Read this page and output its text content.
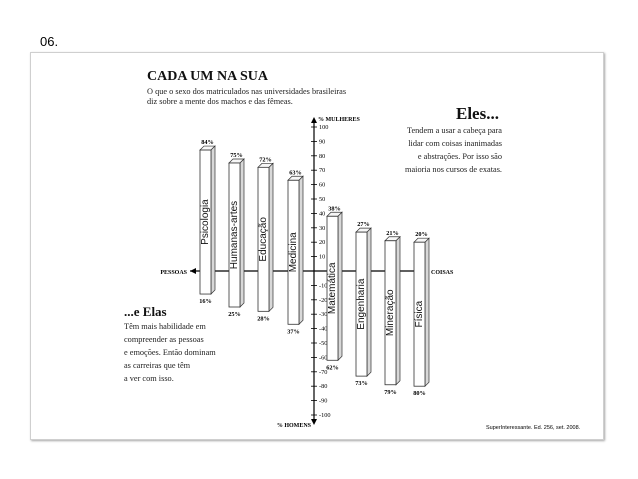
06.
CADA UM NA SUA
O que o sexo dos matriculados nas universidades brasileiras
diz sobre a mente dos machos e das fêmeas.
Eles...
Tendem a usar a cabeça para
lidar com coisas inanimadas
e abstrações. Por isso são
maioria nos cursos de exatas.
...e Elas
Têm mais habilidade em
compreender as pessoas
e emoções. Então dominam
as carreiras que têm
a ver com isso.
PESSOAS	COISAS
% MULHERES
% HOMENS
100
90
80
70
60
50
40
30
20
10
-10
-20
-30
-40
-50
-60
-70
-80
-90
-100
Psicologia
84%
16%
Humanas-artes
75%
25%
Educação
72%
28%
Medicina
63%
37%
Matemática
38%
62%
Engenharia
27%
73%
Mineração
21%
79%
Física
20%
80%
SuperInteressante. Ed. 256, set. 2008.
